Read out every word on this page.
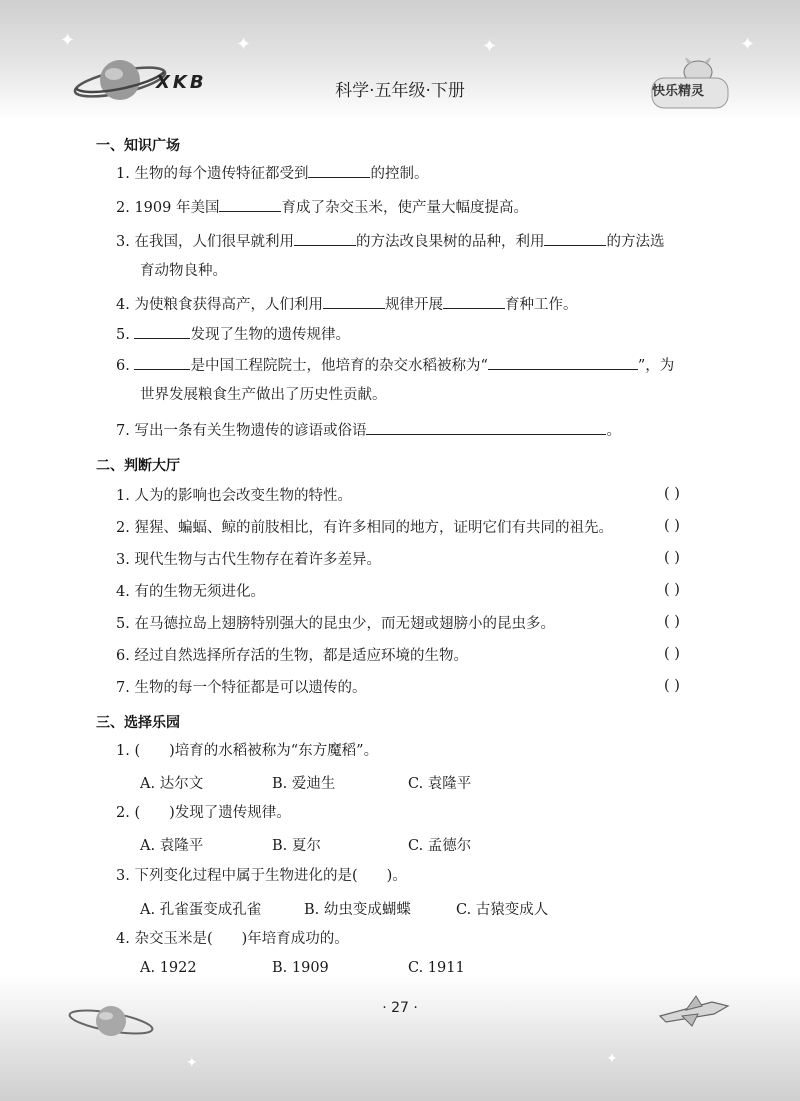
✦	✦	✦	✦
XKB	科学·五年级·下册	快乐精灵
一、知识广场
1. 生物的每个遗传特征都受到	的控制。
2. 1909 年美国	育成了杂交玉米，使产量大幅度提高。
3. 在我国，人们很早就利用	的方法改良果树的品种，利用	的方法选
育动物良种。
4. 为使粮食获得高产，人们利用	规律开展	育种工作。
5.	发现了生物的遗传规律。
6.	是中国工程院院士，他培育的杂交水稻被称为“	”，为
世界发展粮食生产做出了历史性贡献。
7. 写出一条有关生物遗传的谚语或俗语	。
二、判断大厅
1. 人为的影响也会改变生物的特性。	( )
2. 猩猩、蝙蝠、鲸的前肢相比，有许多相同的地方，证明它们有共同的祖先。	( )
3. 现代生物与古代生物存在着许多差异。	( )
4. 有的生物无须进化。	( )
5. 在马德拉岛上翅膀特别强大的昆虫少，而无翅或翅膀小的昆虫多。	( )
6. 经过自然选择所存活的生物，都是适应环境的生物。	( )
7. 生物的每一个特征都是可以遗传的。	( )
三、选择乐园
1. (　　)培育的水稻被称为“东方魔稻”。
A. 达尔文	B. 爱迪生	C. 袁隆平
2. (　　)发现了遗传规律。
A. 袁隆平	B. 夏尔	C. 孟德尔
3. 下列变化过程中属于生物进化的是(　　)。
A. 孔雀蛋变成孔雀	B. 幼虫变成蝴蝶	C. 古猿变成人
4. 杂交玉米是(　　)年培育成功的。
A. 1922	B. 1909	C. 1911
✦	✦
· 27 ·
